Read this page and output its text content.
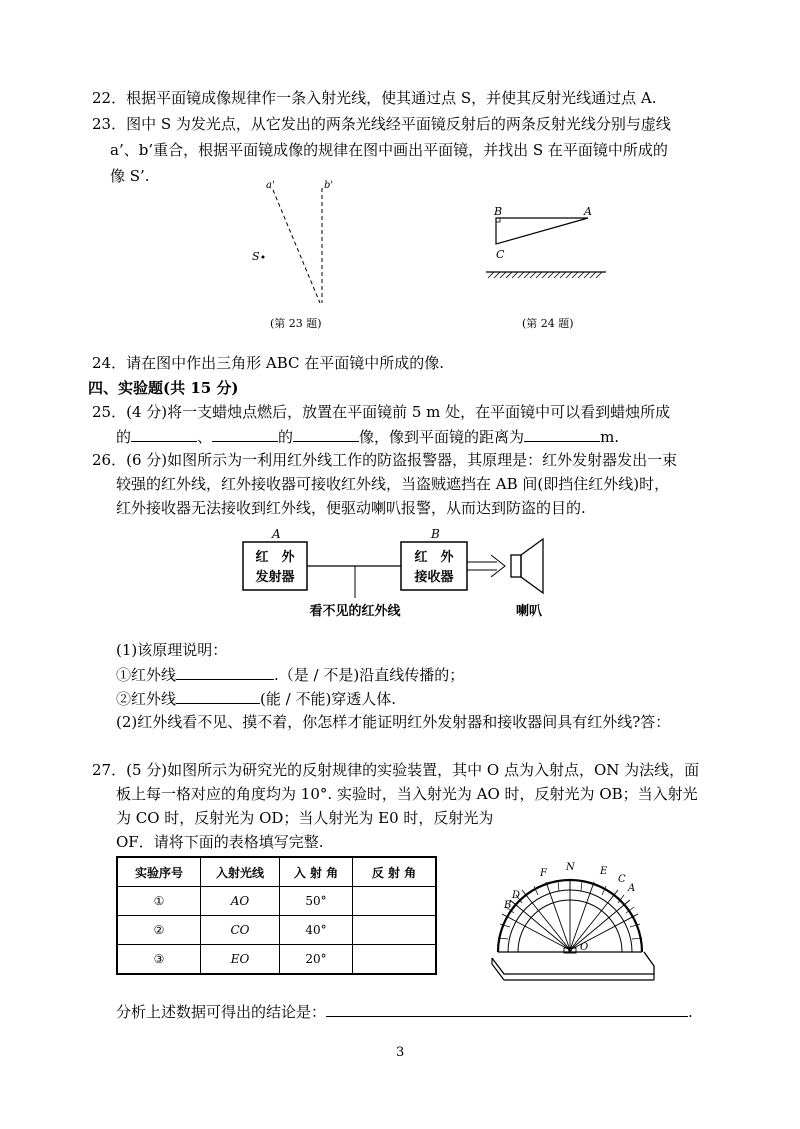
22．根据平面镜成像规律作一条入射光线，使其通过点 S，并使其反射光线通过点 A.
23．图中 S 为发光点，从它发出的两条光线经平面镜反射后的两条反射光线分别与虚线
a’、b’重合，根据平面镜成像的规律在图中画出平面镜，并找出 S 在平面镜中所成的
像 S’.
a'	b'
S
(第 23 题)
B	A
C
(第 24 题)
24．请在图中作出三角形 ABC 在平面镜中所成的像.
四、实验题(共 15 分)
25．(4 分)将一支蜡烛点燃后，放置在平面镜前 5 m 处，在平面镜中可以看到蜡烛所成
的	、	的	像，像到平面镜的距离为	m.
26．(6 分)如图所示为一利用红外线工作的防盗报警器，其原理是：红外发射器发出一束
较强的红外线，红外接收器可接收红外线，当盗贼遮挡在 AB 间(即挡住红外线)时，
红外接收器无法接收到红外线，便驱动喇叭报警，从而达到防盗的目的.
A
红　外
发射器
B
红　外
接收器
看不见的红外线	喇叭
(1)该原理说明：
①红外线	.（是 / 不是)沿直线传播的；
②红外线	(能 / 不能)穿透人体.
(2)红外线看不见、摸不着，你怎样才能证明红外发射器和接收器间具有红外线?答：
27．(5 分)如图所示为研究光的反射规律的实验装置，其中 O 点为入射点，ON 为法线，面
板上每一格对应的角度均为 10°. 实验时，当入射光为 AO 时，反射光为 OB；当入射光
为 CO 时，反射光为 OD；当人射光为 E0 时，反射光为
OF．请将下面的表格填写完整.
实验序号	入射光线	入 射 角	反 射 角
①	AO	50°	
②	CO	40°	
③	EO	20°	
N	E
C
A
F
D
B
O
分析上述数据可得出的结论是：	.
3
